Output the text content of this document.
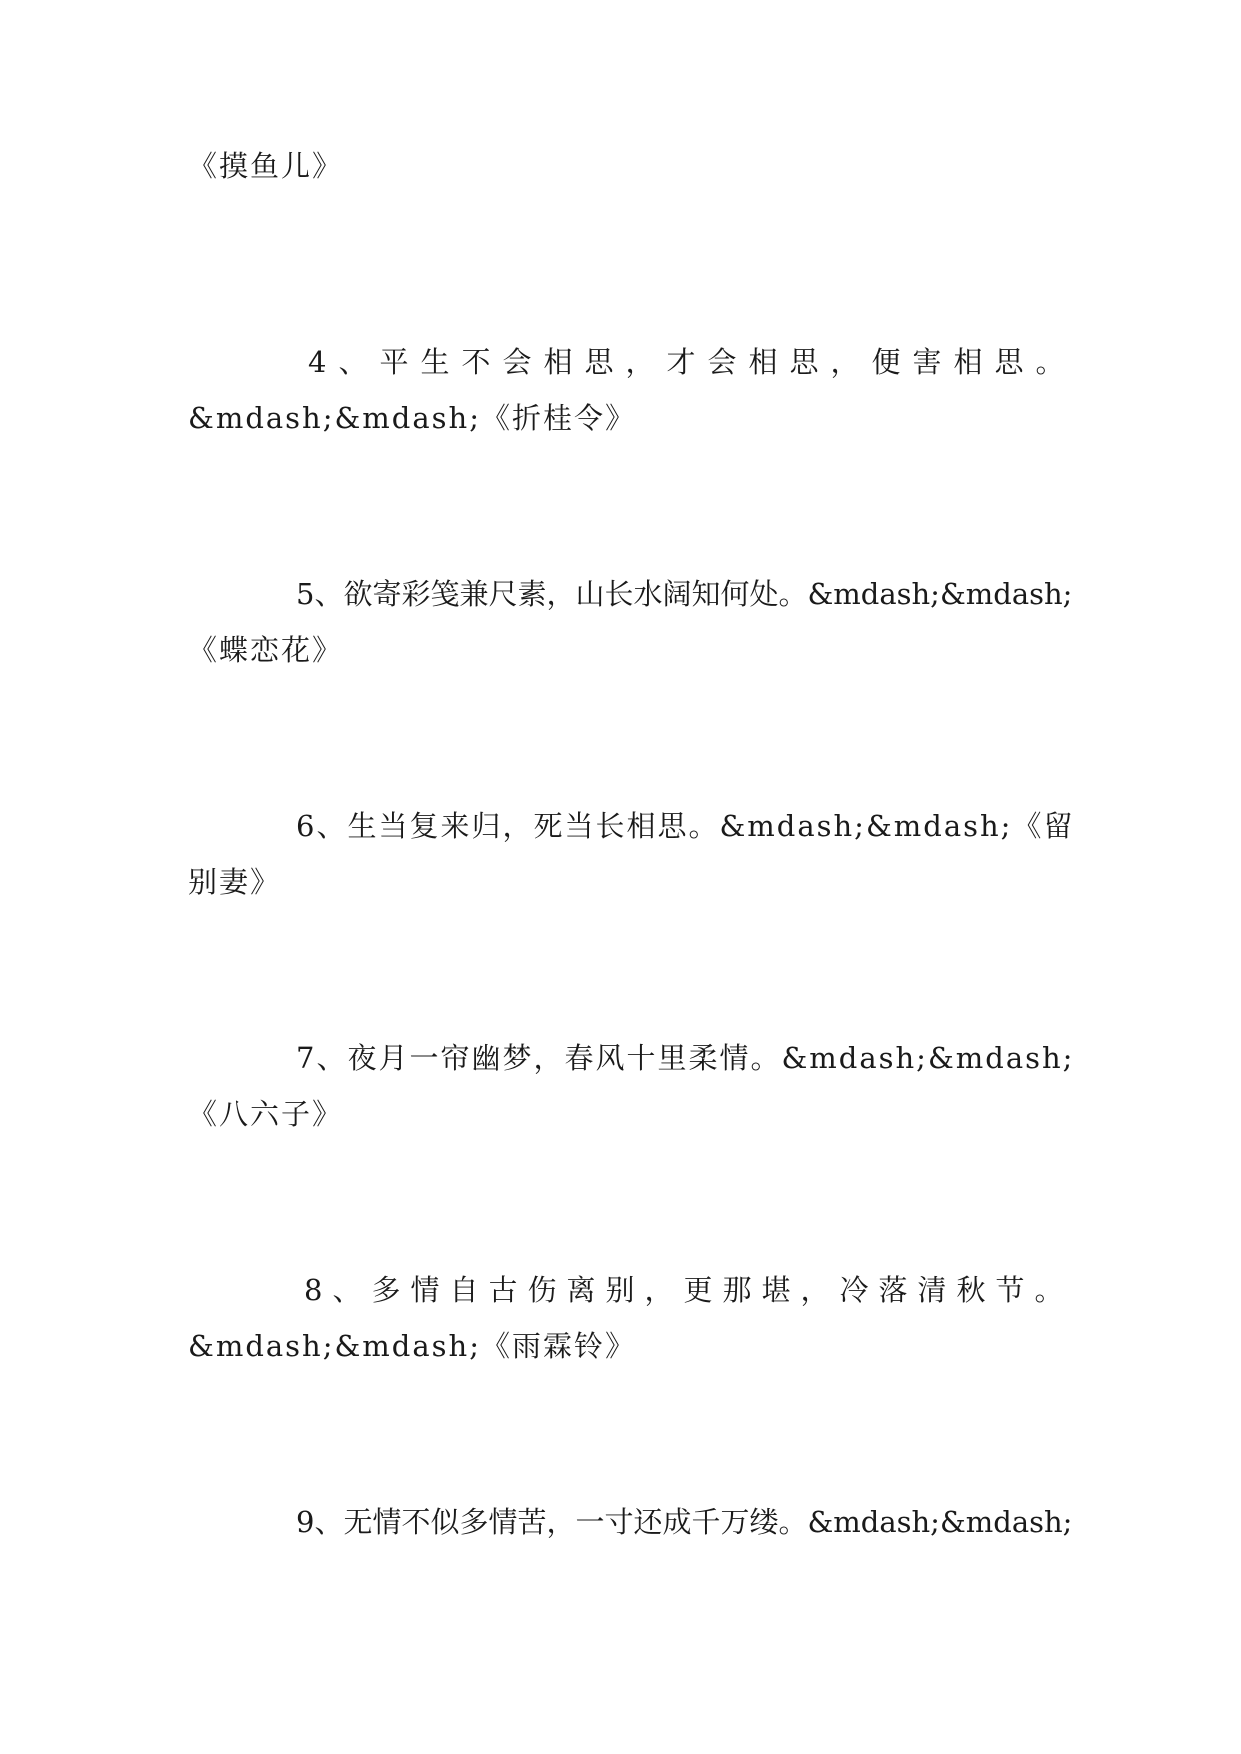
《摸鱼儿》
4、平生不会相思，才会相思，便害相思。
&mdash;&mdash;《折桂令》
5、欲寄彩笺兼尺素，山长水阔知何处。&mdash;&mdash;
《蝶恋花》
6、生当复来归，死当长相思。&mdash;&mdash;《留
别妻》
7、夜月一帘幽梦，春风十里柔情。&mdash;&mdash;
《八六子》
8、多情自古伤离别，更那堪，冷落清秋节。
&mdash;&mdash;《雨霖铃》
9、无情不似多情苦，一寸还成千万缕。&mdash;&mdash;
